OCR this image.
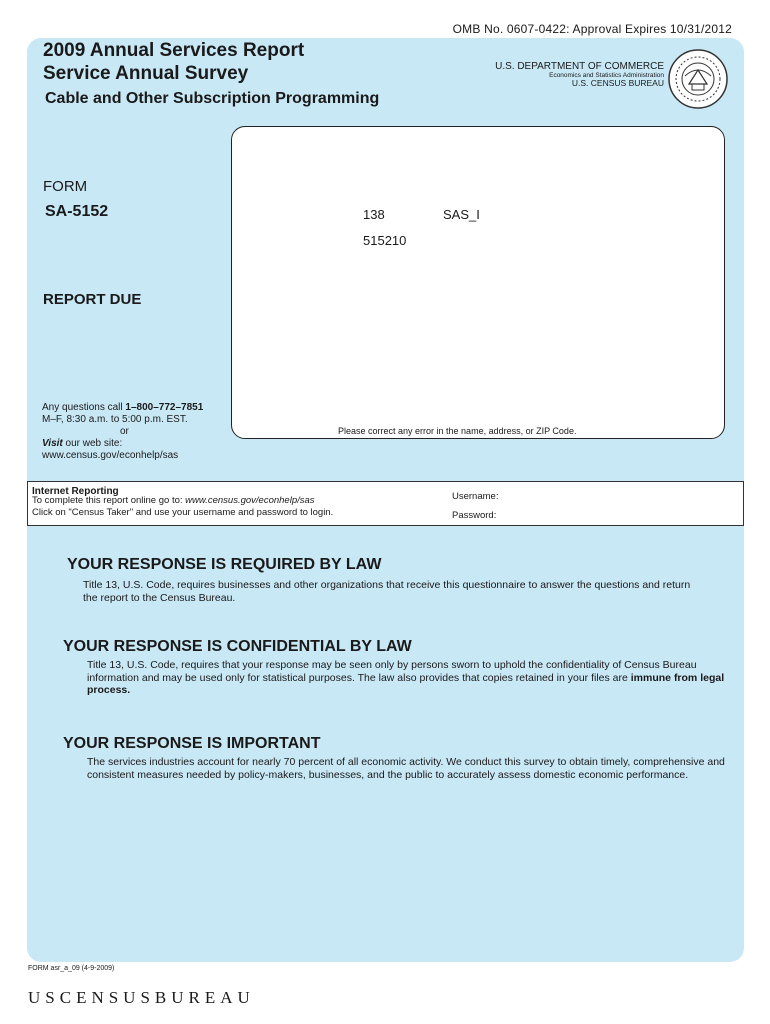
OMB No. 0607-0422: Approval Expires 10/31/2012
2009 Annual Services Report
Service Annual Survey
Cable and Other Subscription Programming
U.S. DEPARTMENT OF COMMERCE
Economics and Statistics Administration
U.S. CENSUS BUREAU
FORM
SA-5152
REPORT DUE
138	SAS_I
515210
Please correct any error in the name, address, or ZIP Code.
Any questions call 1–800–772–7851
M–F, 8:30 a.m. to 5:00 p.m. EST.
or
Visit our web site:
www.census.gov/econhelp/sas
Internet Reporting
To complete this report online go to: www.census.gov/econhelp/sas
Click on "Census Taker" and use your username and password to login.
Username:
Password:
YOUR RESPONSE IS REQUIRED BY LAW
Title 13, U.S. Code, requires businesses and other organizations that receive this questionnaire to answer the questions and return the report to the Census Bureau.
YOUR RESPONSE IS CONFIDENTIAL BY LAW
Title 13, U.S. Code, requires that your response may be seen only by persons sworn to uphold the confidentiality of Census Bureau information and may be used only for statistical purposes. The law also provides that copies retained in your files are immune from legal process.
YOUR RESPONSE IS IMPORTANT
The services industries account for nearly 70 percent of all economic activity. We conduct this survey to obtain timely, comprehensive and consistent measures needed by policy-makers, businesses, and the public to accurately assess domestic economic performance.
FORM asr_a_09 (4-9-2009)
USCENSUSBUREAU
